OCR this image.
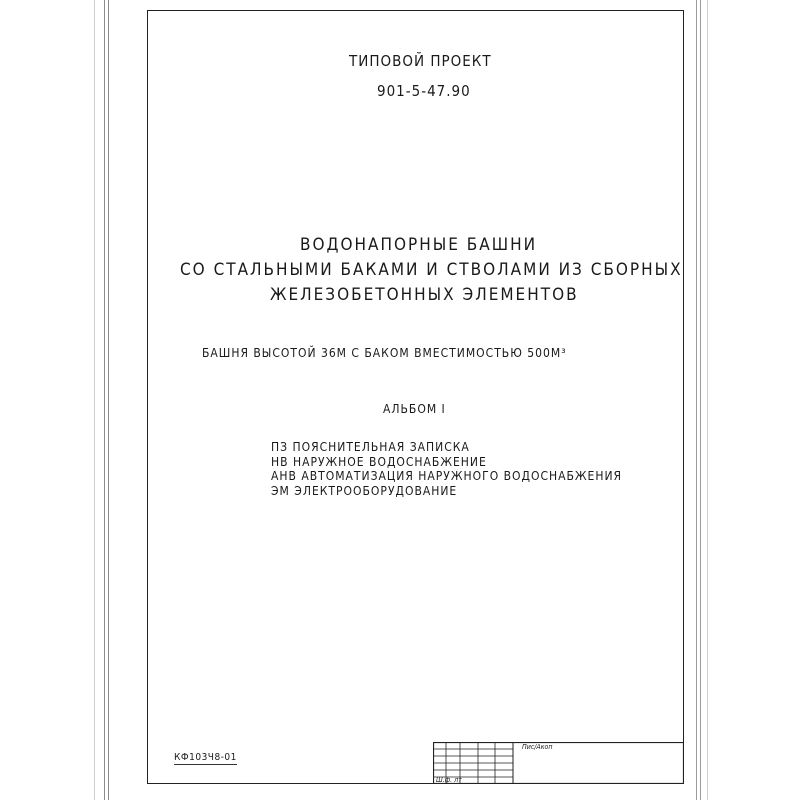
ТИПОВОЙ ПРОЕКТ
901-5-47.90
ВОДОНАПОРНЫЕ БАШНИ
СО СТАЛЬНЫМИ БАКАМИ И СТВОЛАМИ ИЗ СБОРНЫХ
ЖЕЛЕЗОБЕТОННЫХ ЭЛЕМЕНТОВ
БАШНЯ ВЫСОТОЙ 36М С БАКОМ ВМЕСТИМОСТЬЮ 500М³
АЛЬБОМ I
ПЗ ПОЯСНИТЕЛЬНАЯ ЗАПИСКА
НВ НАРУЖНОЕ ВОДОСНАБЖЕНИЕ
АНВ АВТОМАТИЗАЦИЯ НАРУЖНОГО ВОДОСНАБЖЕНИЯ
ЭМ ЭЛЕКТРООБОРУДОВАНИЕ
КФ103Ч8-01
Пис/Акоп
Ш.ф. лт
